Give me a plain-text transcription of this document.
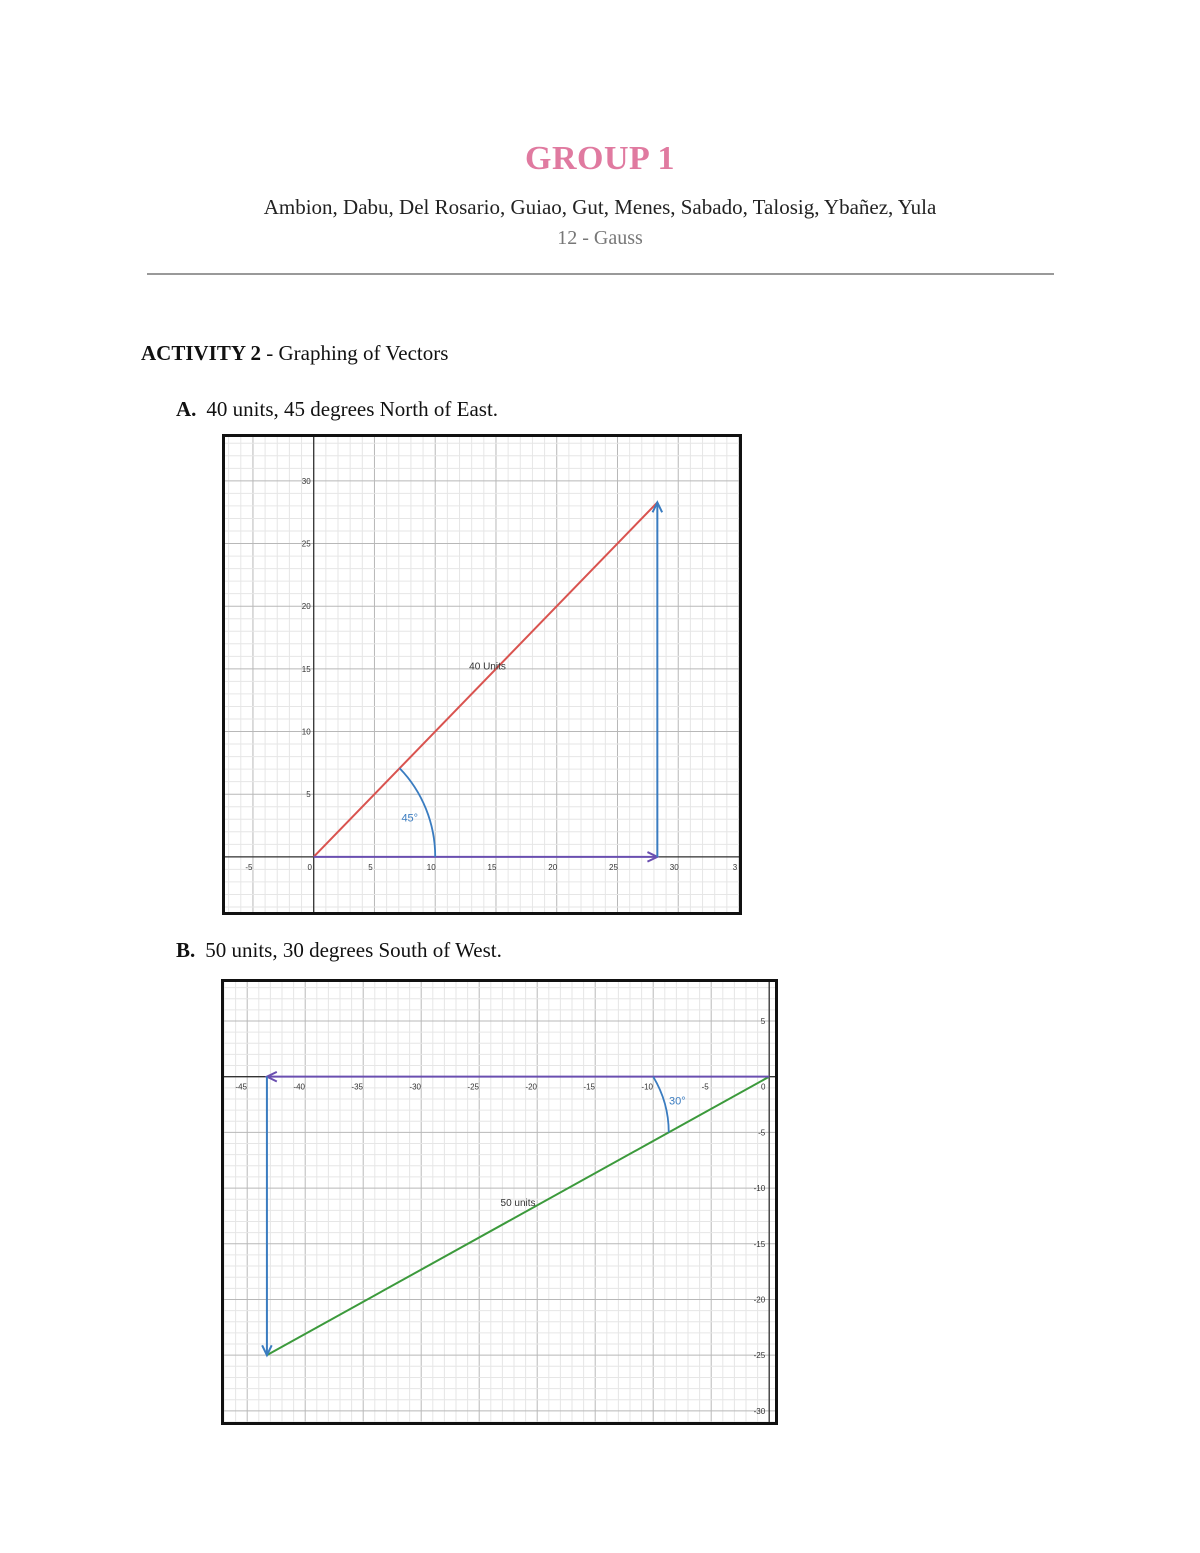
GROUP 1
Ambion, Dabu, Del Rosario, Guiao, Gut, Menes, Sabado, Talosig, Ybañez, Yula
12 - Gauss
ACTIVITY 2 - Graphing of Vectors
A. 40 units, 45 degrees North of East.
-5	0	5	10	15	20	25	30	3
5
10
15
20
25
30
40 Units
45°
B. 50 units, 30 degrees South of West.
-45	-40	-35	-30	-25	-20	-15	-10	-5	0
5
-5
-10
-15
-20
-25
-30
50 units
30°
